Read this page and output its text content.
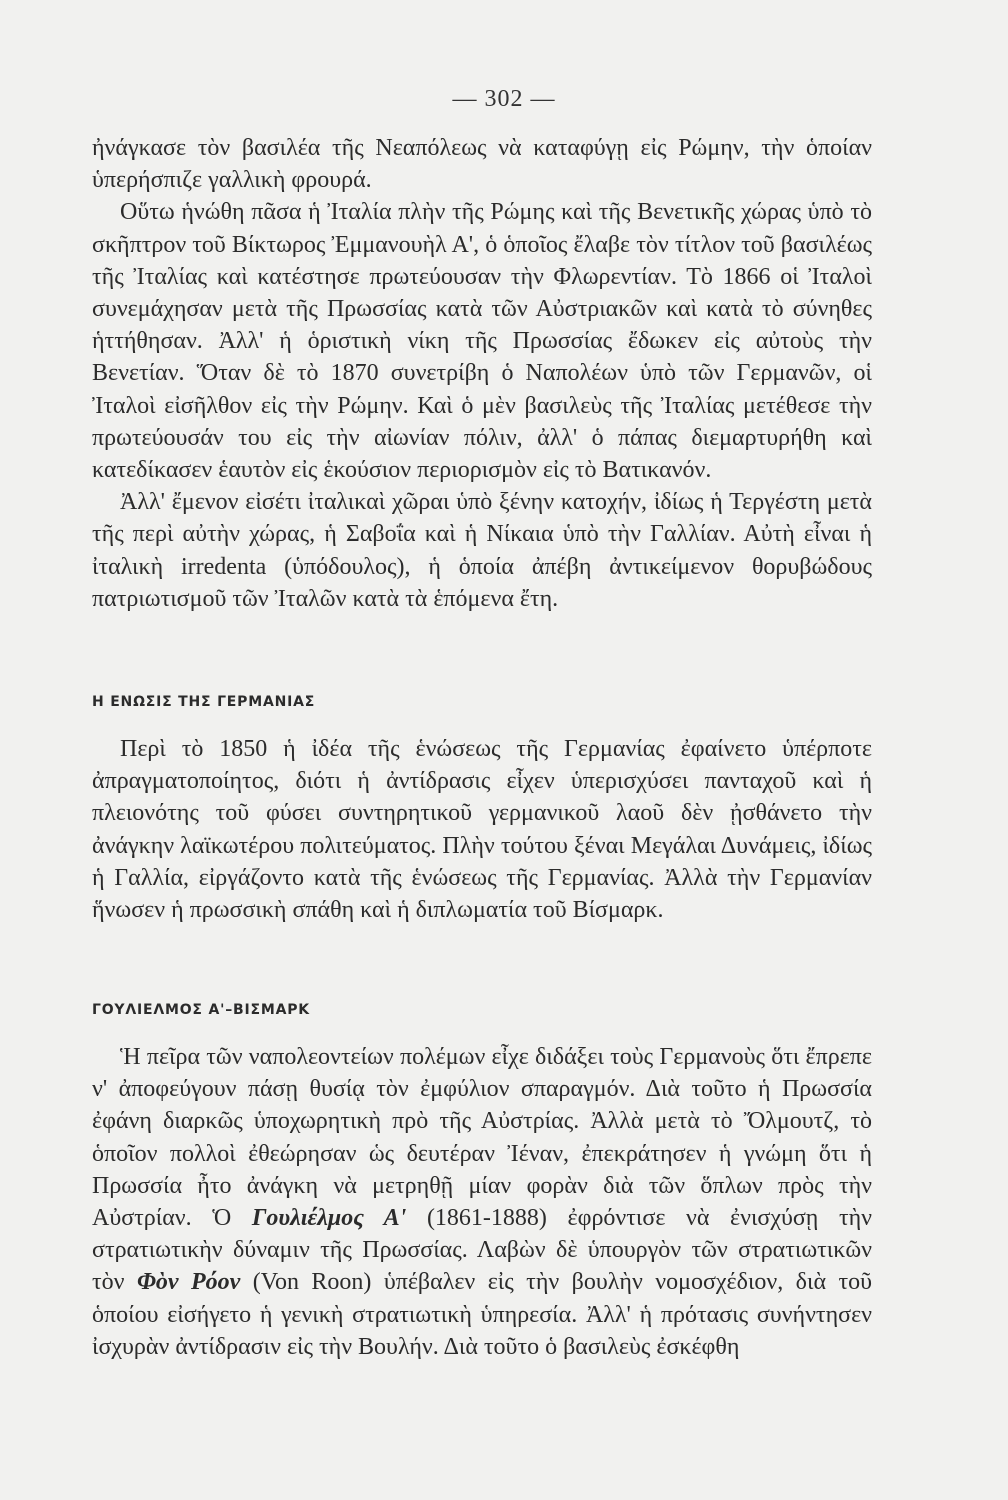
— 302 —

ἠνάγκασε τὸν βασιλέα τῆς Νεαπόλεως νὰ καταφύγῃ εἰς Ρώμην, τὴν ὁποίαν ὑπερήσπιζε γαλλικὴ φρουρά.

Οὕτω ἡνώθη πᾶσα ἡ Ἰταλία πλὴν τῆς Ρώμης καὶ τῆς Βενετικῆς χώρας ὑπὸ τὸ σκῆπτρον τοῦ Βίκτωρος Ἐμμανουὴλ Α', ὁ ὁποῖος ἔλαβε τὸν τίτλον τοῦ βασιλέως τῆς Ἰταλίας καὶ κατέστησε πρωτεύουσαν τὴν Φλωρεντίαν. Τὸ 1866 οἱ Ἰταλοὶ συνεμάχησαν μετὰ τῆς Πρωσσίας κατὰ τῶν Αὐστριακῶν καὶ κατὰ τὸ σύνηθες ἡττήθησαν. Ἀλλ' ἡ ὁριστικὴ νίκη τῆς Πρωσσίας ἔδωκεν εἰς αὐτοὺς τὴν Βενετίαν. Ὅταν δὲ τὸ 1870 συνετρίβη ὁ Ναπολέων ὑπὸ τῶν Γερμανῶν, οἱ Ἰταλοὶ εἰσῆλθον εἰς τὴν Ρώμην. Καὶ ὁ μὲν βασιλεὺς τῆς Ἰταλίας μετέθεσε τὴν πρωτεύουσάν του εἰς τὴν αἰωνίαν πόλιν, ἀλλ' ὁ πάπας διεμαρτυρήθη καὶ κατεδίκασεν ἑαυτὸν εἰς ἑκούσιον περιορισμὸν εἰς τὸ Βατικανόν.

Ἀλλ' ἔμενον εἰσέτι ἰταλικαὶ χῶραι ὑπὸ ξένην κατοχήν, ἰδίως ἡ Τεργέστη μετὰ τῆς περὶ αὐτὴν χώρας, ἡ Σαβοΐα καὶ ἡ Νίκαια ὑπὸ τὴν Γαλλίαν. Αὐτὴ εἶναι ἡ ἰταλικὴ irredenta (ὑπόδουλος), ἡ ὁποία ἀπέβη ἀντικείμενον θορυβώδους πατριωτισμοῦ τῶν Ἰταλῶν κατὰ τὰ ἑπόμενα ἔτη.

Η ΕΝΩΣΙΣ ΤΗΣ ΓΕΡΜΑΝΙΑΣ

Περὶ τὸ 1850 ἡ ἰδέα τῆς ἑνώσεως τῆς Γερμανίας ἐφαίνετο ὑπέρποτε ἀπραγματοποίητος, διότι ἡ ἀντίδρασις εἶχεν ὑπερισχύσει πανταχοῦ καὶ ἡ πλειονότης τοῦ φύσει συντηρητικοῦ γερμανικοῦ λαοῦ δὲν ᾐσθάνετο τὴν ἀνάγκην λαϊκωτέρου πολιτεύματος. Πλὴν τούτου ξέναι Μεγάλαι Δυνάμεις, ἰδίως ἡ Γαλλία, εἰργάζοντο κατὰ τῆς ἑνώσεως τῆς Γερμανίας. Ἀλλὰ τὴν Γερμανίαν ἥνωσεν ἡ πρωσσικὴ σπάθη καὶ ἡ διπλωματία τοῦ Βίσμαρκ.

ΓΟΥΛΙΕΛΜΟΣ Α'–ΒΙΣΜΑΡΚ

Ἡ πεῖρα τῶν ναπολεοντείων πολέμων εἶχε διδάξει τοὺς Γερμανοὺς ὅτι ἔπρεπε ν' ἀποφεύγουν πάσῃ θυσίᾳ τὸν ἐμφύλιον σπαραγμόν. Διὰ τοῦτο ἡ Πρωσσία ἐφάνη διαρκῶς ὑποχωρητικὴ πρὸ τῆς Αὐστρίας. Ἀλλὰ μετὰ τὸ Ὄλμουτζ, τὸ ὁποῖον πολλοὶ ἐθεώρησαν ὡς δευτέραν Ἰέναν, ἐπεκράτησεν ἡ γνώμη ὅτι ἡ Πρωσσία ἦτο ἀνάγκη νὰ μετρηθῇ μίαν φορὰν διὰ τῶν ὅπλων πρὸς τὴν Αὐστρίαν. Ὁ Γουλιέλμος Α' (1861-1888) ἐφρόντισε νὰ ἐνισχύσῃ τὴν στρατιωτικὴν δύναμιν τῆς Πρωσσίας. Λαβὼν δὲ ὑπουργὸν τῶν στρατιωτικῶν τὸν Φὸν Ρόον (Von Roon) ὑπέβαλεν εἰς τὴν βουλὴν νομοσχέδιον, διὰ τοῦ ὁποίου εἰσήγετο ἡ γενικὴ στρατιωτικὴ ὑπηρεσία. Ἀλλ' ἡ πρότασις συνήντησεν ἰσχυρὰν ἀντίδρασιν εἰς τὴν Βουλήν. Διὰ τοῦτο ὁ βασιλεὺς ἐσκέφθη
